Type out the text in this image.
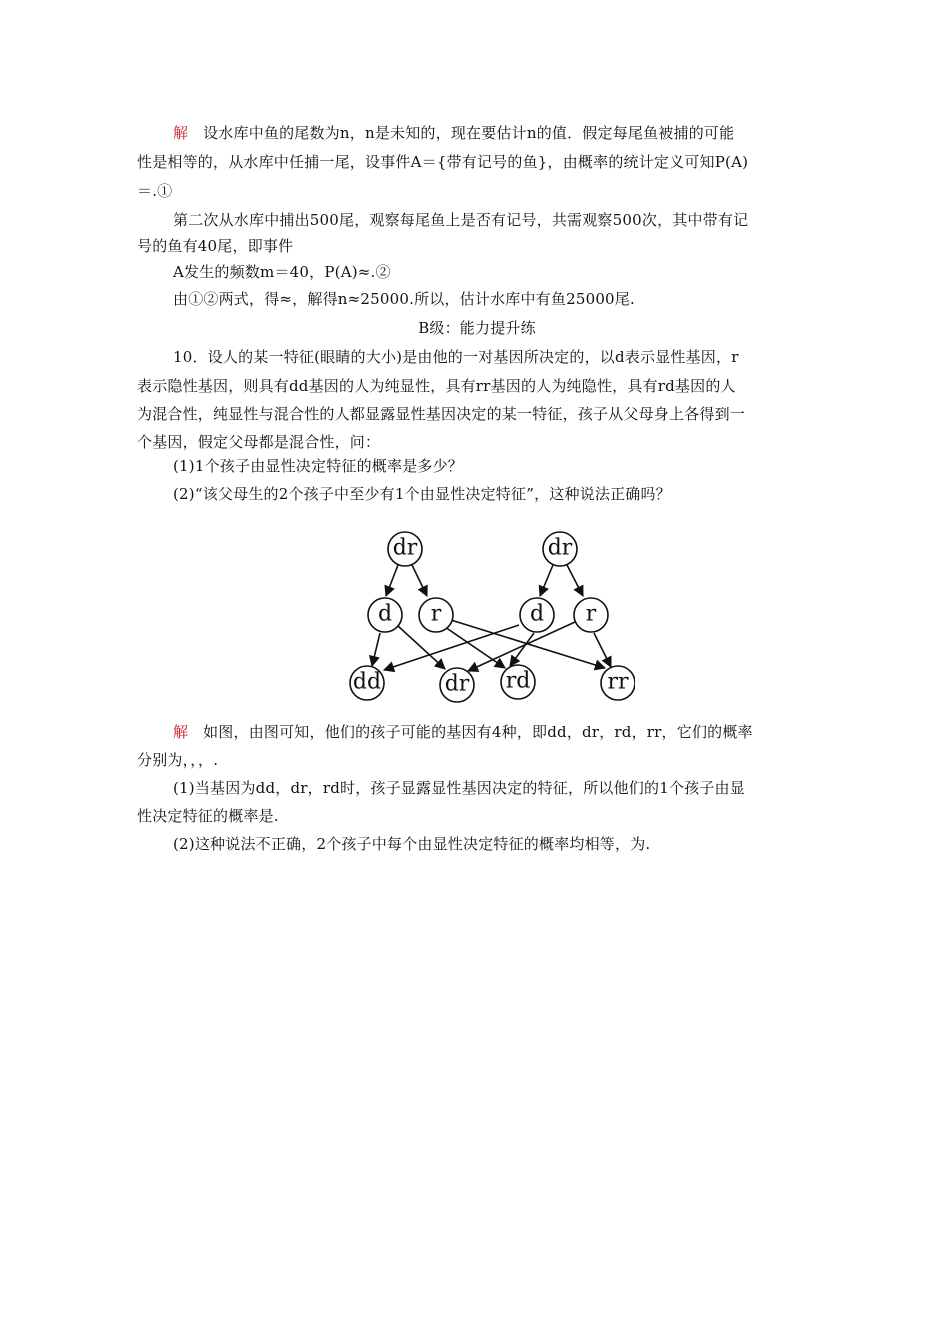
解 设水库中鱼的尾数为n，n是未知的，现在要估计n的值．假定每尾鱼被捕的可能
性是相等的，从水库中任捕一尾，设事件A＝{带有记号的鱼}，由概率的统计定义可知P(A)
＝.①
第二次从水库中捕出500尾，观察每尾鱼上是否有记号，共需观察500次，其中带有记
号的鱼有40尾，即事件
A发生的频数m＝40，P(A)≈.②
由①②两式，得≈，解得n≈25000.所以，估计水库中有鱼25000尾.
B级：能力提升练
10．设人的某一特征(眼睛的大小)是由他的一对基因所决定的，以d表示显性基因，r
表示隐性基因，则具有dd基因的人为纯显性，具有rr基因的人为纯隐性，具有rd基因的人
为混合性，纯显性与混合性的人都显露显性基因决定的某一特征，孩子从父母身上各得到一
个基因，假定父母都是混合性，问：
(1)1个孩子由显性决定特征的概率是多少？
(2)“该父母生的2个孩子中至少有1个由显性决定特征”，这种说法正确吗？
dr	dr
d r	d r
dd	dr rd	rr
解 如图，由图可知，他们的孩子可能的基因有4种，即dd，dr，rd，rr，它们的概率
分别为，，，.
(1)当基因为dd，dr，rd时，孩子显露显性基因决定的特征，所以他们的1个孩子由显
性决定特征的概率是.
(2)这种说法不正确，2个孩子中每个由显性决定特征的概率均相等，为.
